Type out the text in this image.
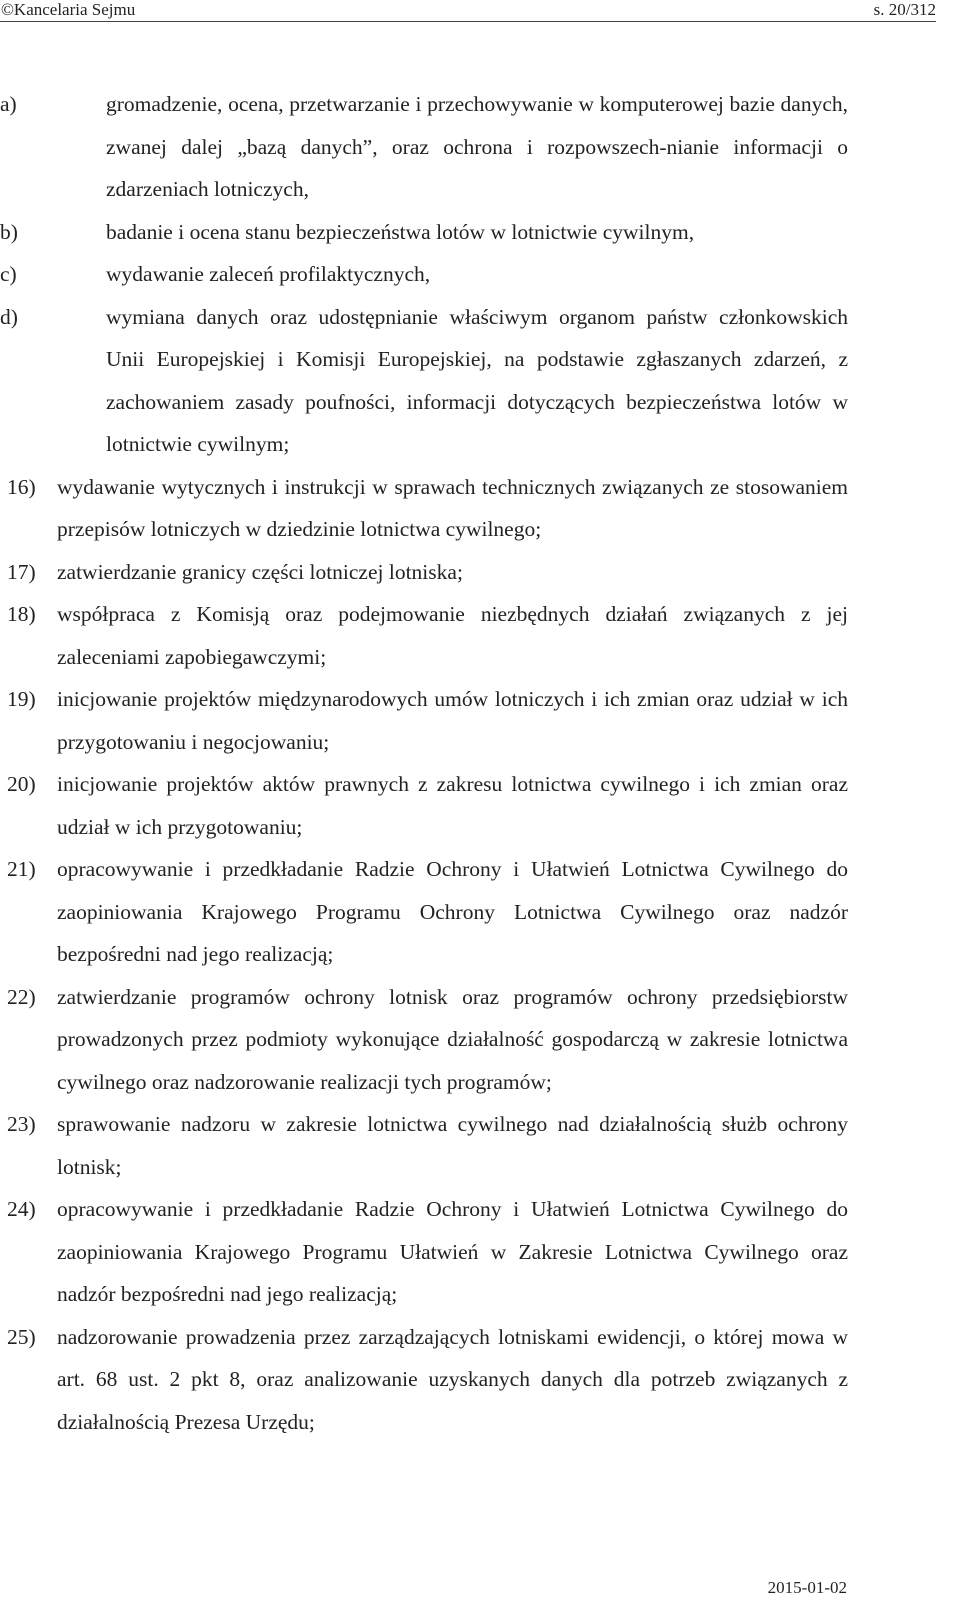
©Kancelaria Sejmu	s. 20/312
a)	gromadzenie, ocena, przetwarzanie i przechowywanie w komputerowej bazie danych, zwanej dalej „bazą danych”, oraz ochrona i rozpowszech-nianie informacji o zdarzeniach lotniczych,
b)	badanie i ocena stanu bezpieczeństwa lotów w lotnictwie cywilnym,
c)	wydawanie zaleceń profilaktycznych,
d)	wymiana danych oraz udostępnianie właściwym organom państw członkowskich Unii Europejskiej i Komisji Europejskiej, na podstawie zgłaszanych zdarzeń, z zachowaniem zasady poufności, informacji dotyczących bezpieczeństwa lotów w lotnictwie cywilnym;
16) wydawanie wytycznych i instrukcji w sprawach technicznych związanych ze stosowaniem przepisów lotniczych w dziedzinie lotnictwa cywilnego;
17) zatwierdzanie granicy części lotniczej lotniska;
18) współpraca z Komisją oraz podejmowanie niezbędnych działań związanych z jej zaleceniami zapobiegawczymi;
19) inicjowanie projektów międzynarodowych umów lotniczych i ich zmian oraz udział w ich przygotowaniu i negocjowaniu;
20) inicjowanie projektów aktów prawnych z zakresu lotnictwa cywilnego i ich zmian oraz udział w ich przygotowaniu;
21) opracowywanie i przedkładanie Radzie Ochrony i Ułatwień Lotnictwa Cywilnego do zaopiniowania Krajowego Programu Ochrony Lotnictwa Cywilnego oraz nadzór bezpośredni nad jego realizacją;
22) zatwierdzanie programów ochrony lotnisk oraz programów ochrony przedsiębiorstw prowadzonych przez podmioty wykonujące działalność gospodarczą w zakresie lotnictwa cywilnego oraz nadzorowanie realizacji tych programów;
23) sprawowanie nadzoru w zakresie lotnictwa cywilnego nad działalnością służb ochrony lotnisk;
24) opracowywanie i przedkładanie Radzie Ochrony i Ułatwień Lotnictwa Cywilnego do zaopiniowania Krajowego Programu Ułatwień w Zakresie Lotnictwa Cywilnego oraz nadzór bezpośredni nad jego realizacją;
25) nadzorowanie prowadzenia przez zarządzających lotniskami ewidencji, o której mowa w art. 68 ust. 2 pkt 8, oraz analizowanie uzyskanych danych dla potrzeb związanych z działalnością Prezesa Urzędu;
2015-01-02
